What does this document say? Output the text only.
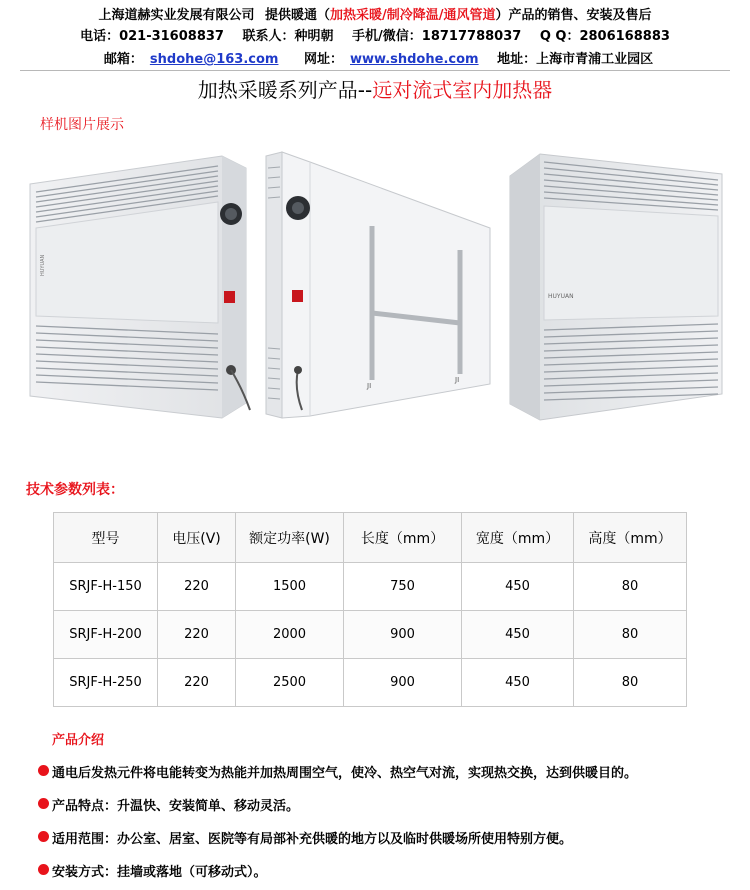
上海道赫实业发展有限公司 提供暖通（加热采暖/制冷降温/通风管道）产品的销售、安装及售后
电话：021-31608837 联系人：种明朝 手机/微信：18717788037 Q Q：2806168883
邮箱： shdohe@163.com 网址： www.shdohe.com 地址：上海市青浦工业园区
加热采暖系列产品--远对流式室内加热器
样机图片展示
HUYUAN
JI
JI
HUYUAN
技术参数列表：
型号	电压(V)	额定功率(W)	长度（mm）	宽度（mm）	高度（mm）
SRJF-H-150	220	1500	750	450	80
SRJF-H-200	220	2000	900	450	80
SRJF-H-250	220	2500	900	450	80
产品介绍
通电后发热元件将电能转变为热能并加热周围空气，使冷、热空气对流，实现热交换，达到供暖目的。
产品特点：升温快、安装简单、移动灵活。
适用范围：办公室、居室、医院等有局部补充供暖的地方以及临时供暖场所使用特别方便。
安装方式：挂墙或落地（可移动式）。
